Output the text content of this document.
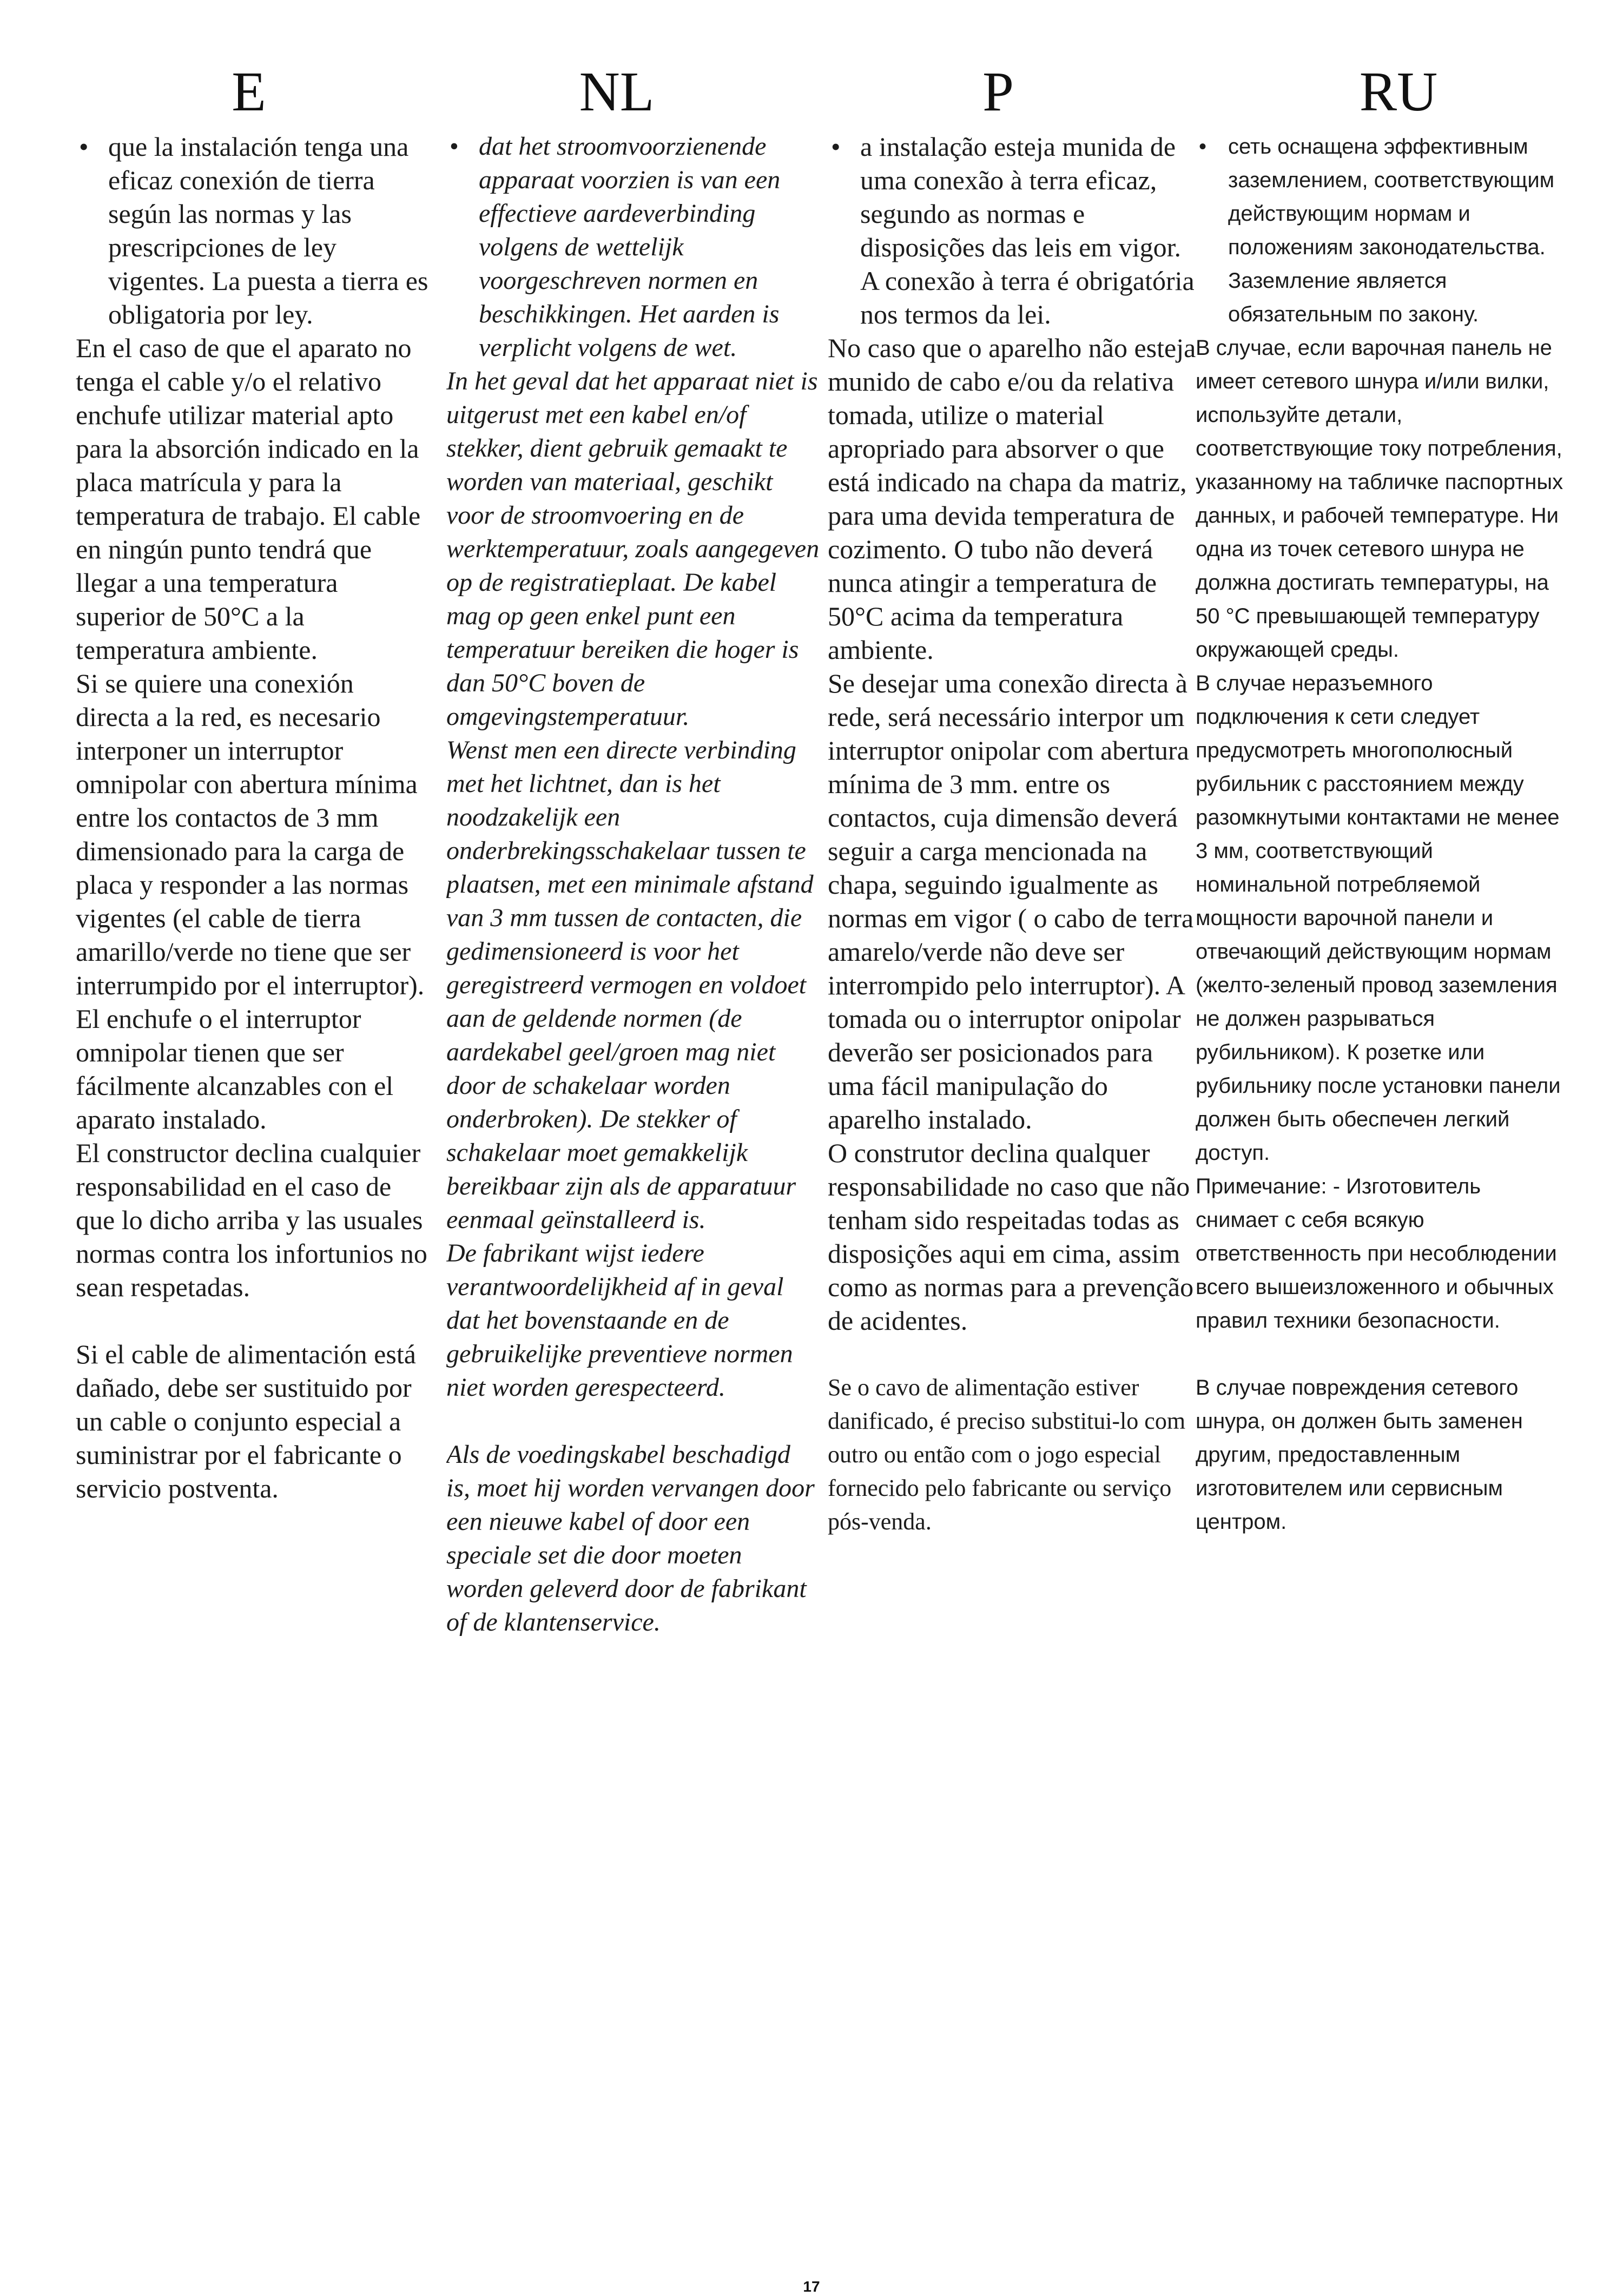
E
• que la instalación tenga una eficaz conexión de tierra según las normas y las prescripciones de ley vigentes. La puesta a tierra es obligatoria por ley.

En el caso de que el aparato no tenga el cable y/o el relativo enchufe utilizar material apto para la absorción indicado en la placa matrícula y para la temperatura de trabajo. El cable en ningún punto tendrá que llegar a una temperatura superior de 50°C a la temperatura ambiente.

Si se quiere una conexión directa a la red, es necesario interponer un interruptor omnipolar con abertura mínima entre los contactos de 3 mm dimensionado para la carga de placa y responder a las normas vigentes (el cable de tierra amarillo/verde no tiene que ser interrumpido por el interruptor). El enchufe o el interruptor omnipolar tienen que ser fácilmente alcanzables con el aparato instalado.

El constructor declina cualquier responsabilidad en el caso de que lo dicho arriba y las usuales normas contra los infortunios no sean respetadas.

Si el cable de alimentación está dañado, debe ser sustituido por un cable o conjunto especial a suministrar por el fabricante o servicio postventa.

NL
• dat het stroomvoorzienende apparaat voorzien is van een effectieve aardeverbinding volgens de wettelijk voorgeschreven normen en beschikkingen. Het aarden is verplicht volgens de wet.

In het geval dat het apparaat niet is uitgerust met een kabel en/of stekker, dient gebruik gemaakt te worden van materiaal, geschikt voor de stroomvoering en de werktemperatuur, zoals aangegeven op de registratieplaat. De kabel mag op geen enkel punt een temperatuur bereiken die hoger is dan 50°C boven de omgevingstemperatuur.

Wenst men een directe verbinding met het lichtnet, dan is het noodzakelijk een onderbrekingsschakelaar tussen te plaatsen, met een minimale afstand van 3 mm tussen de contacten, die gedimensioneerd is voor het geregistreerd vermogen en voldoet aan de geldende normen (de aardekabel geel/groen mag niet door de schakelaar worden onderbroken). De stekker of schakelaar moet gemakkelijk bereikbaar zijn als de apparatuur eenmaal geïnstalleerd is.

De fabrikant wijst iedere verantwoordelijkheid af in geval dat het bovenstaande en de gebruikelijke preventieve normen niet worden gerespecteerd.

Als de voedingskabel beschadigd is, moet hij worden vervangen door een nieuwe kabel of door een speciale set die door moeten worden geleverd door de fabrikant of de klantenservice.

P
• a instalação esteja munida de uma conexão à terra eficaz, segundo as normas e disposições das leis em vigor. A conexão à terra é obrigatória nos termos da lei.

No caso que o aparelho não esteja munido de cabo e/ou da relativa tomada, utilize o material apropriado para absorver o que está indicado na chapa da matriz, para uma devida temperatura de cozimento. O tubo não deverá nunca atingir a temperatura de 50°C acima da temperatura ambiente.

Se desejar uma conexão directa à rede, será necessário interpor um interruptor onipolar com abertura mínima de 3 mm. entre os contactos, cuja dimensão deverá seguir a carga mencionada na chapa, seguindo igualmente as normas em vigor ( o cabo de terra amarelo/verde não deve ser interrompido pelo interruptor). A tomada ou o interruptor onipolar deverão ser posicionados para uma fácil manipulação do aparelho instalado.

O construtor declina qualquer responsabilidade no caso que não tenham sido respeitadas todas as disposições aqui em cima, assim como as normas para a prevenção de acidentes.

Se o cavo de alimentação estiver danificado, é preciso substitui-lo com outro ou então com o jogo especial fornecido pelo fabricante ou serviço pós-venda.

RU
• сеть оснащена эффективным заземлением, соответствующим действующим нормам и положениям законодательства. Заземление является обязательным по закону.

В случае, если варочная панель не имеет сетевого шнура и/или вилки, используйте детали, соответствующие току потребления, указанному на табличке паспортных данных, и рабочей температуре. Ни одна из точек сетевого шнура не должна достигать температуры, на 50 °С превышающей температуру окружающей среды.

В случае неразъемного подключения к сети следует предусмотреть многополюсный рубильник с расстоянием между разомкнутыми контактами не менее 3 мм, соответствующий номинальной потребляемой мощности варочной панели и отвечающий действующим нормам (желто-зеленый провод заземления не должен разрываться рубильником). К розетке или рубильнику после установки панели должен быть обеспечен легкий доступ.

Примечание: - Изготовитель снимает с себя всякую ответственность при несоблюдении всего вышеизложенного и обычных правил техники безопасности.

В случае повреждения сетевого шнура, он должен быть заменен другим, предоставленным изготовителем или сервисным центром.

17
